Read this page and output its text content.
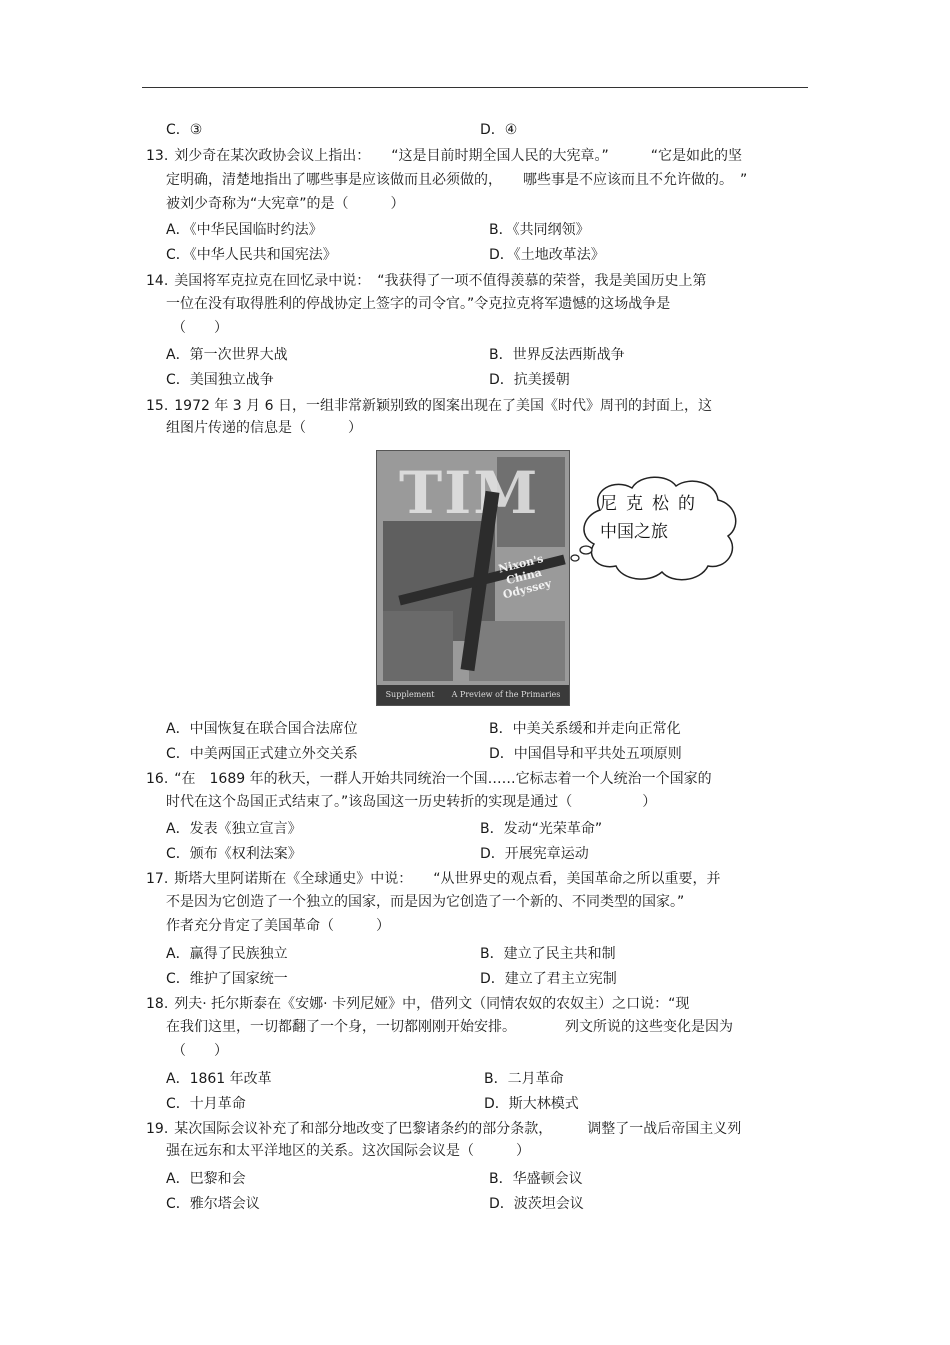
C．③	D．④
13. 刘少奇在某次政协会议上指出：　　“这是目前时期全国人民的大宪章。”　　　“它是如此的坚
定明确，清楚地指出了哪些事是应该做而且必须做的，　　哪些事是不应该而且不允许做的。　”
被刘少奇称为“大宪章”的是（　　　）
A．《中华民国临时约法》	B．《共同纲领》
C．《中华人民共和国宪法》	D．《土地改革法》
14. 美国将军克拉克在回忆录中说：　“我获得了一项不值得羡慕的荣誉，我是美国历史上第
一位在没有取得胜利的停战协定上签字的司令官。”令克拉克将军遗憾的这场战争是
（　　）
A．第一次世界大战	B．世界反法西斯战争
C．美国独立战争	D．抗美援朝
15. 1972 年 3 月 6 日，一组非常新颖别致的图案出现在了美国《时代》周刊的封面上，这
组图片传递的信息是（　　　）
TIM
Nixon's China Odyssey
Supplement A Preview of the Primaries
尼克松的
中国之旅
A．中国恢复在联合国合法席位	B．中美关系缓和并走向正常化
C．中美两国正式建立外交关系	D．中国倡导和平共处五项原则
16. “在　1689 年的秋天，一群人开始共同统治一个国……它标志着一个人统治一个国家的
时代在这个岛国正式结束了。”该岛国这一历史转折的实现是通过（　　　　　）
A．发表《独立宣言》	B．发动“光荣革命”
C．颁布《权利法案》	D．开展宪章运动
17. 斯塔大里阿诺斯在《全球通史》中说：　　“从世界史的观点看，美国革命之所以重要，并
不是因为它创造了一个独立的国家，而是因为它创造了一个新的、不同类型的国家。”
作者充分肯定了美国革命（　　　）
A．赢得了民族独立	B．建立了民主共和制
C．维护了国家统一	D．建立了君主立宪制
18. 列夫· 托尔斯泰在《安娜· 卡列尼娅》中，借列文（同情农奴的农奴主）之口说：“现
在我们这里，一切都翻了一个身，一切都刚刚开始安排。　　　　列文所说的这些变化是因为
（　　）
A．1861 年改革	B．二月革命
C．十月革命	D．斯大林模式
19. 某次国际会议补充了和部分地改变了巴黎诸条约的部分条款，　　　调整了一战后帝国主义列
强在远东和太平洋地区的关系。这次国际会议是（　　　）
A．巴黎和会	B．华盛顿会议
C．雅尔塔会议	D．波茨坦会议
